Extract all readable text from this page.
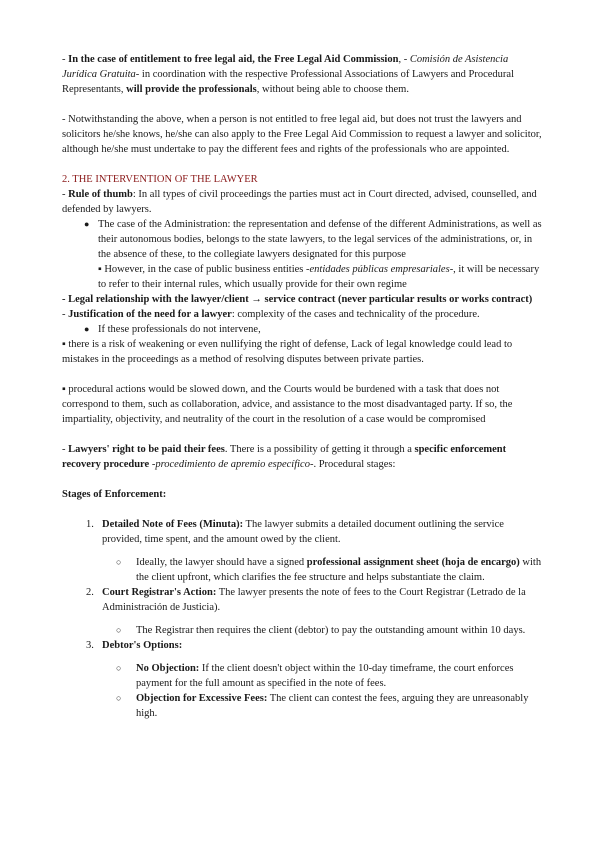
- In the case of entitlement to free legal aid, the Free Legal Aid Commission, - Comisión de Asistencia Jurídica Gratuita- in coordination with the respective Professional Associations of Lawyers and Procedural Representants, will provide the professionals, without being able to choose them.

- Notwithstanding the above, when a person is not entitled to free legal aid, but does not trust the lawyers and solicitors he/she knows, he/she can also apply to the Free Legal Aid Commission to request a lawyer and solicitor, although he/she must undertake to pay the different fees and rights of the professionals who are appointed.

2. THE INTERVENTION OF THE LAWYER

- Rule of thumb: In all types of civil proceedings the parties must act in Court directed, advised, counselled, and defended by lawyers.

● The case of the Administration: the representation and defense of the different Administrations, as well as their autonomous bodies, belongs to the state lawyers, to the legal services of the administrations, or, in the absence of these, to the collegiate lawyers designated for this purpose

▪ However, in the case of public business entities -entidades públicas empresariales-, it will be necessary to refer to their internal rules, which usually provide for their own regime

- Legal relationship with the lawyer/client → service contract (never particular results or works contract)

- Justification of the need for a lawyer: complexity of the cases and technicality of the procedure.

● If these professionals do not intervene,

▪ there is a risk of weakening or even nullifying the right of defense, Lack of legal knowledge could lead to mistakes in the proceedings as a method of resolving disputes between private parties.

▪ procedural actions would be slowed down, and the Courts would be burdened with a task that does not correspond to them, such as collaboration, advice, and assistance to the most disadvantaged party. If so, the impartiality, objectivity, and neutrality of the court in the resolution of a case would be compromised

- Lawyers' right to be paid their fees. There is a possibility of getting it through a specific enforcement recovery procedure -procedimiento de apremio específico-. Procedural stages:

Stages of Enforcement:

1. Detailed Note of Fees (Minuta): The lawyer submits a detailed document outlining the service provided, time spent, and the amount owed by the client.
○	Ideally, the lawyer should have a signed professional assignment sheet (hoja de encargo) with the client upfront, which clarifies the fee structure and helps substantiate the claim.
2. Court Registrar's Action: The lawyer presents the note of fees to the Court Registrar (Letrado de la Administración de Justicia).
○	The Registrar then requires the client (debtor) to pay the outstanding amount within 10 days.
3. Debtor's Options:
○	No Objection: If the client doesn't object within the 10-day timeframe, the court enforces payment for the full amount as specified in the note of fees.
○	Objection for Excessive Fees: The client can contest the fees, arguing they are unreasonably high.
